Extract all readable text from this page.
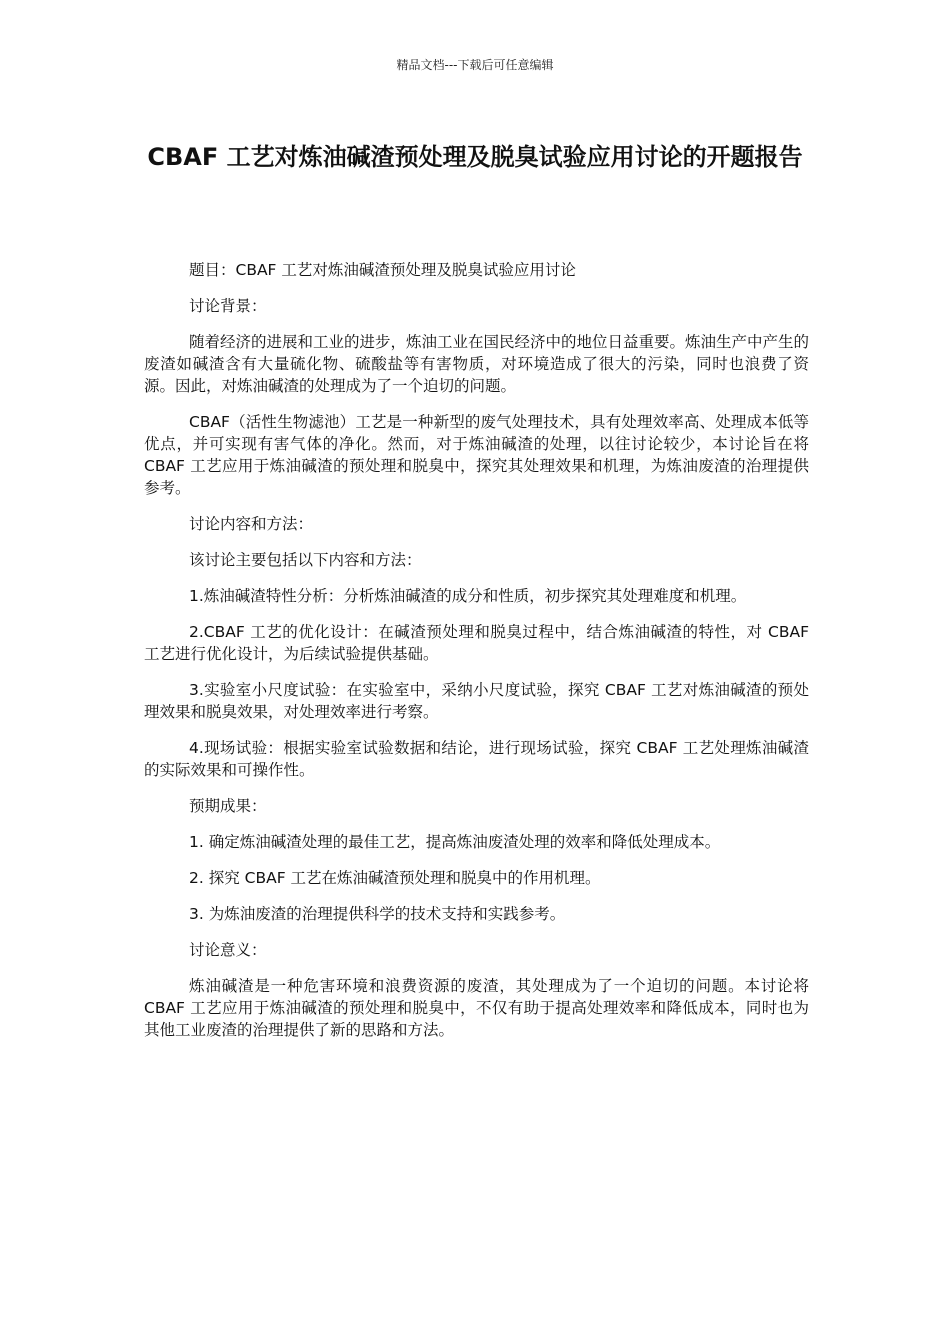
精品文档---下载后可任意编辑
CBAF 工艺对炼油碱渣预处理及脱臭试验应用讨论的开题报告

题目：CBAF 工艺对炼油碱渣预处理及脱臭试验应用讨论

讨论背景：

随着经济的进展和工业的进步，炼油工业在国民经济中的地位日益重要。炼油生产中产生的废渣如碱渣含有大量硫化物、硫酸盐等有害物质，对环境造成了很大的污染，同时也浪费了资源。因此，对炼油碱渣的处理成为了一个迫切的问题。

CBAF（活性生物滤池）工艺是一种新型的废气处理技术，具有处理效率高、处理成本低等优点，并可实现有害气体的净化。然而，对于炼油碱渣的处理，以往讨论较少，本讨论旨在将 CBAF 工艺应用于炼油碱渣的预处理和脱臭中，探究其处理效果和机理，为炼油废渣的治理提供参考。

讨论内容和方法：

该讨论主要包括以下内容和方法：

1.炼油碱渣特性分析：分析炼油碱渣的成分和性质，初步探究其处理难度和机理。

2.CBAF 工艺的优化设计：在碱渣预处理和脱臭过程中，结合炼油碱渣的特性，对 CBAF 工艺进行优化设计，为后续试验提供基础。

3.实验室小尺度试验：在实验室中，采纳小尺度试验，探究 CBAF 工艺对炼油碱渣的预处理效果和脱臭效果，对处理效率进行考察。

4.现场试验：根据实验室试验数据和结论，进行现场试验，探究 CBAF 工艺处理炼油碱渣的实际效果和可操作性。

预期成果：

1. 确定炼油碱渣处理的最佳工艺，提高炼油废渣处理的效率和降低处理成本。

2. 探究 CBAF 工艺在炼油碱渣预处理和脱臭中的作用机理。

3. 为炼油废渣的治理提供科学的技术支持和实践参考。

讨论意义：

炼油碱渣是一种危害环境和浪费资源的废渣，其处理成为了一个迫切的问题。本讨论将 CBAF 工艺应用于炼油碱渣的预处理和脱臭中，不仅有助于提高处理效率和降低成本，同时也为其他工业废渣的治理提供了新的思路和方法。
